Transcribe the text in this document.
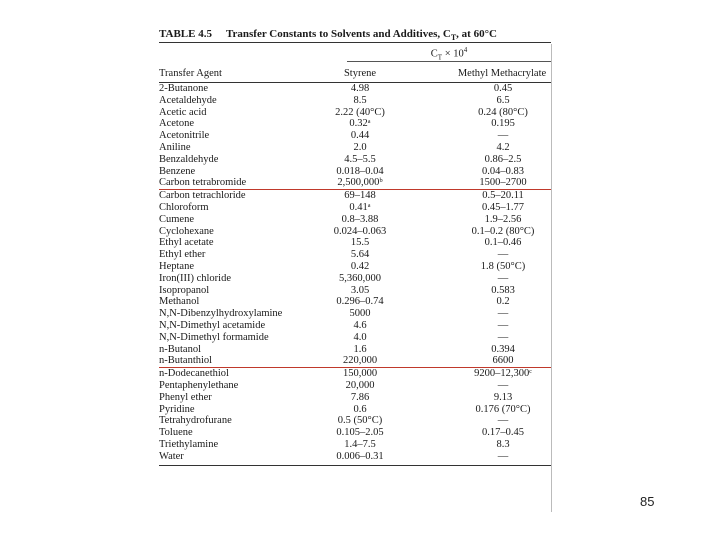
TABLE 4.5 Transfer Constants to Solvents and Additives, $C_T$, at 60°C
$C_T \times 10^4$
Transfer Agent	Styrene	Methyl Methacrylate
2-Butanone	4.98	0.45
Acetaldehyde	8.5	6.5
Acetic acid	2.22 (40°C)	0.24 (80°C)
Acetone	0.32ᵃ	0.195
Acetonitrile	0.44	—
Aniline	2.0	4.2
Benzaldehyde	4.5–5.5	0.86–2.5
Benzene	0.018–0.04	0.04–0.83
Carbon tetrabromide	2,500,000ᵇ	1500–2700
Carbon tetrachloride	69–148	0.5–20.11
Chloroform	0.41ᵃ	0.45–1.77
Cumene	0.8–3.88	1.9–2.56
Cyclohexane	0.024–0.063	0.1–0.2 (80°C)
Ethyl acetate	15.5	0.1–0.46
Ethyl ether	5.64	—
Heptane	0.42	1.8 (50°C)
Iron(III) chloride	5,360,000	—
Isopropanol	3.05	0.583
Methanol	0.296–0.74	0.2
N,N-Dibenzylhydroxylamine	5000	—
N,N-Dimethyl acetamide	4.6	—
N,N-Dimethyl formamide	4.0	—
n-Butanol	1.6	0.394
n-Butanthiol	220,000	6600
n-Dodecanethiol	150,000	9200–12,300ᶜ
Pentaphenylethane	20,000	—
Phenyl ether	7.86	9.13
Pyridine	0.6	0.176 (70°C)
Tetrahydrofurane	0.5 (50°C)	—
Toluene	0.105–2.05	0.17–0.45
Triethylamine	1.4–7.5	8.3
Water	0.006–0.31	—
85
